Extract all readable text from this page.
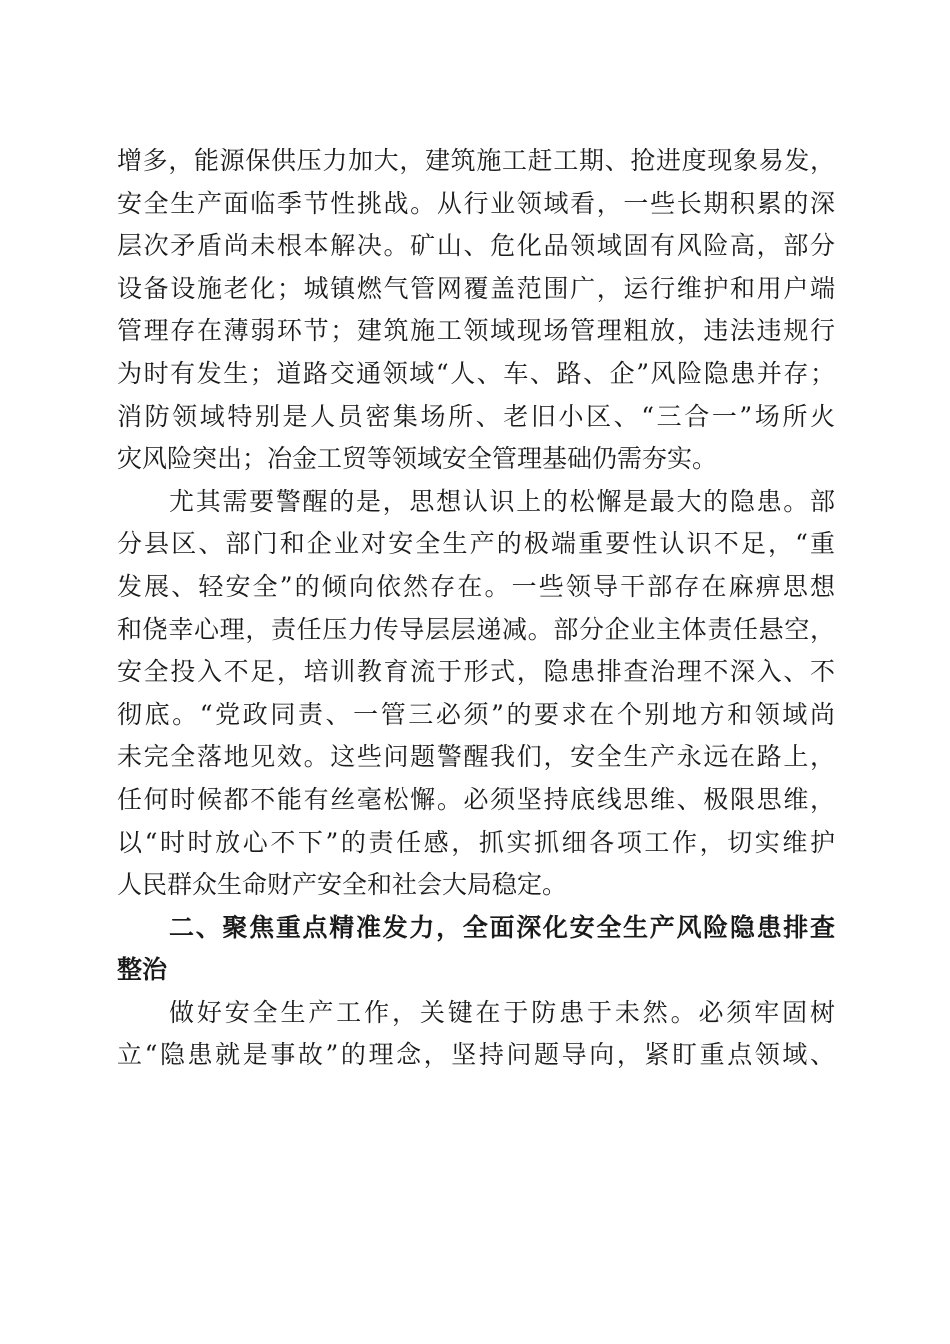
增多，能源保供压力加大，建筑施工赶工期、抢进度现象易发，
安全生产面临季节性挑战。从行业领域看，一些长期积累的深
层次矛盾尚未根本解决。矿山、危化品领域固有风险高，部分
设备设施老化；城镇燃气管网覆盖范围广，运行维护和用户端
管理存在薄弱环节；建筑施工领域现场管理粗放，违法违规行
为时有发生；道路交通领域“人、车、路、企”风险隐患并存；
消防领域特别是人员密集场所、老旧小区、“三合一”场所火
灾风险突出；冶金工贸等领域安全管理基础仍需夯实。
尤其需要警醒的是，思想认识上的松懈是最大的隐患。部
分县区、部门和企业对安全生产的极端重要性认识不足，“重
发展、轻安全”的倾向依然存在。一些领导干部存在麻痹思想
和侥幸心理，责任压力传导层层递减。部分企业主体责任悬空，
安全投入不足，培训教育流于形式，隐患排查治理不深入、不
彻底。“党政同责、一管三必须”的要求在个别地方和领域尚
未完全落地见效。这些问题警醒我们，安全生产永远在路上，
任何时候都不能有丝毫松懈。必须坚持底线思维、极限思维，
以“时时放心不下”的责任感，抓实抓细各项工作，切实维护
人民群众生命财产安全和社会大局稳定。
二、聚焦重点精准发力，全面深化安全生产风险隐患排查
整治
做好安全生产工作，关键在于防患于未然。必须牢固树
立“隐患就是事故”的理念，坚持问题导向，紧盯重点领域、
